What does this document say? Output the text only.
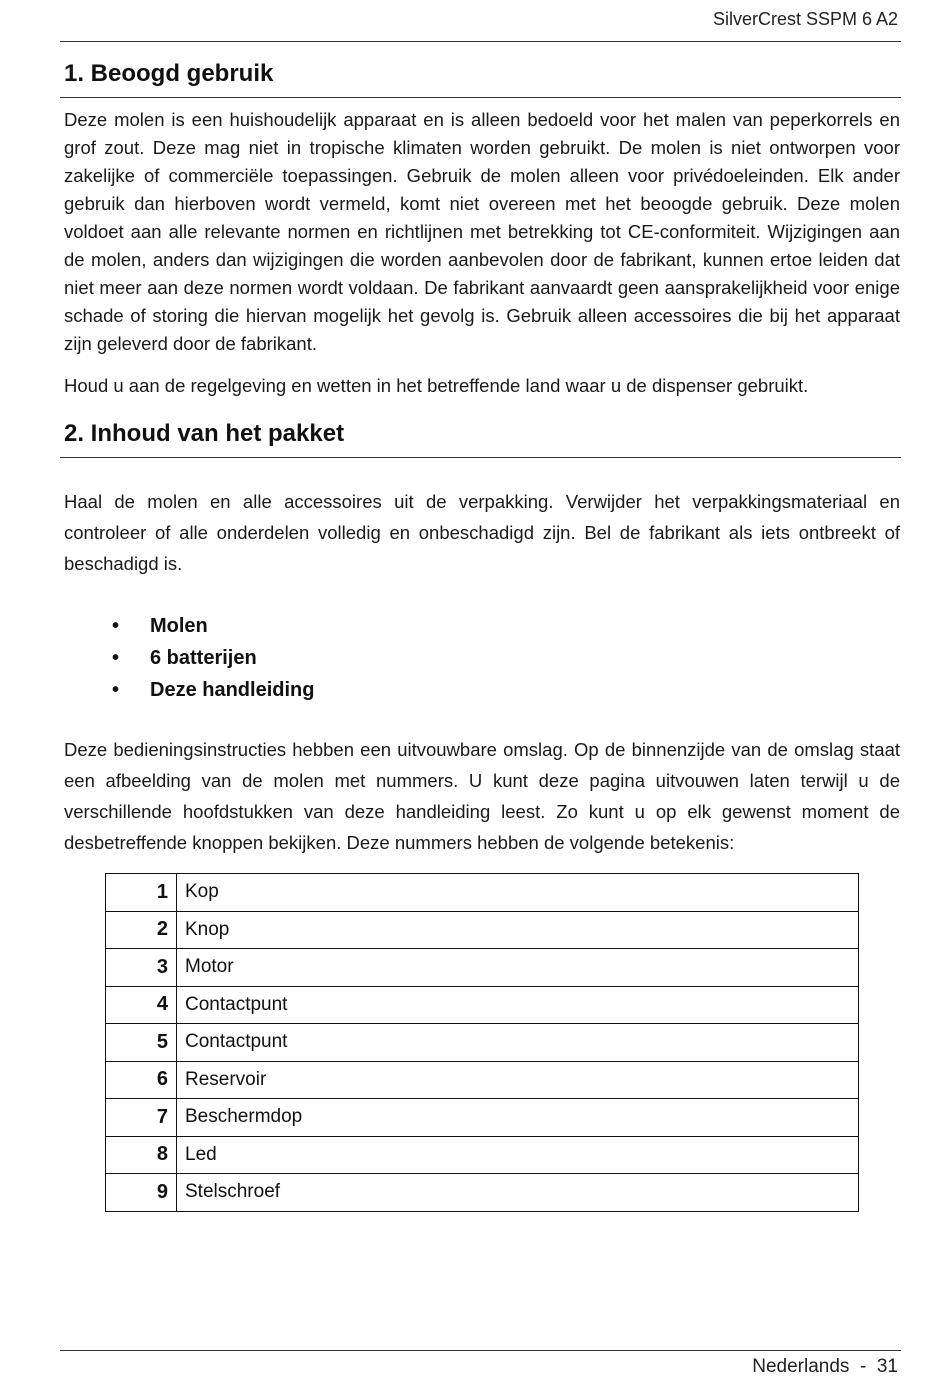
SilverCrest SSPM 6 A2
1. Beoogd gebruik

Deze molen is een huishoudelijk apparaat en is alleen bedoeld voor het malen van peperkorrels en grof zout. Deze mag niet in tropische klimaten worden gebruikt. De molen is niet ontworpen voor zakelijke of commerciële toepassingen. Gebruik de molen alleen voor privédoeleinden. Elk ander gebruik dan hierboven wordt vermeld, komt niet overeen met het beoogde gebruik. Deze molen voldoet aan alle relevante normen en richtlijnen met betrekking tot CE-conformiteit. Wijzigingen aan de molen, anders dan wijzigingen die worden aanbevolen door de fabrikant, kunnen ertoe leiden dat niet meer aan deze normen wordt voldaan. De fabrikant aanvaardt geen aansprakelijkheid voor enige schade of storing die hiervan mogelijk het gevolg is. Gebruik alleen accessoires die bij het apparaat zijn geleverd door de fabrikant.

Houd u aan de regelgeving en wetten in het betreffende land waar u de dispenser gebruikt.

2. Inhoud van het pakket

Haal de molen en alle accessoires uit de verpakking. Verwijder het verpakkingsmateriaal en controleer of alle onderdelen volledig en onbeschadigd zijn. Bel de fabrikant als iets ontbreekt of beschadigd is.

• Molen
• 6 batterijen
• Deze handleiding

Deze bedieningsinstructies hebben een uitvouwbare omslag. Op de binnenzijde van de omslag staat een afbeelding van de molen met nummers. U kunt deze pagina uitvouwen laten terwijl u de verschillende hoofdstukken van deze handleiding leest. Zo kunt u op elk gewenst moment de desbetreffende knoppen bekijken. Deze nummers hebben de volgende betekenis:

1	Kop
2	Knop
3	Motor
4	Contactpunt
5	Contactpunt
6	Reservoir
7	Beschermdop
8	Led
9	Stelschroef
Nederlands - 31
